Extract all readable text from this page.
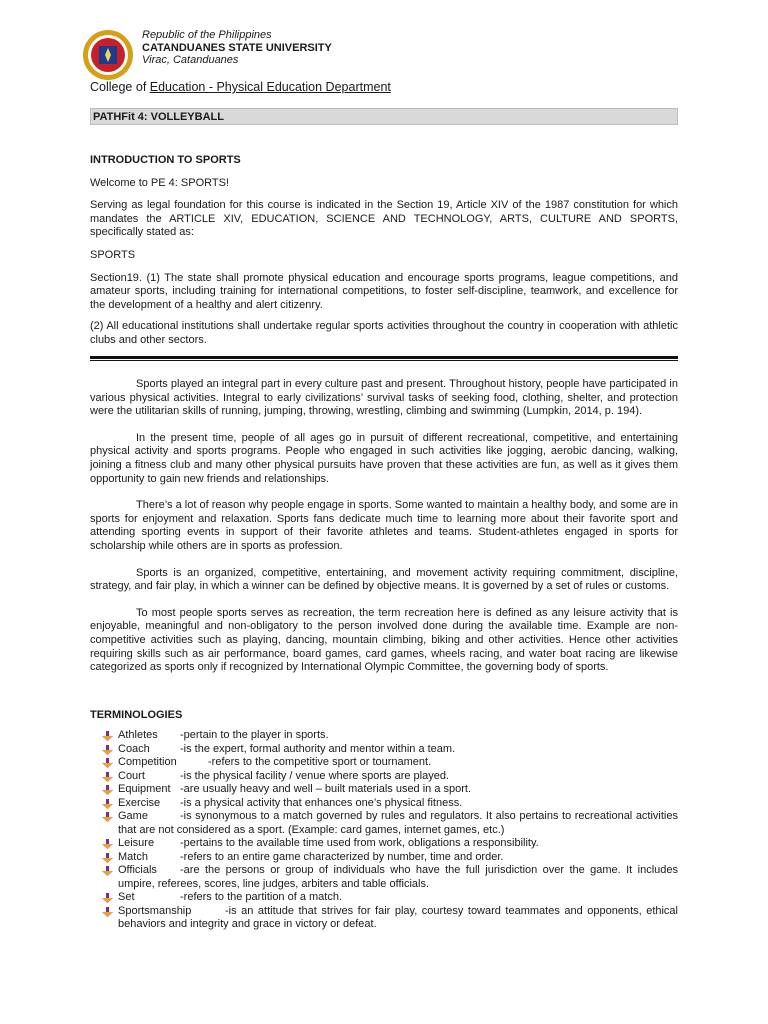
Republic of the Philippines
CATANDUANES STATE UNIVERSITY
Virac, Catanduanes
College of Education - Physical Education Department
PATHFit 4: VOLLEYBALL

INTRODUCTION TO SPORTS

Welcome to PE 4: SPORTS!

Serving as legal foundation for this course is indicated in the Section 19, Article XIV of the 1987 constitution for which mandates the ARTICLE XIV, EDUCATION, SCIENCE AND TECHNOLOGY, ARTS, CULTURE AND SPORTS, specifically stated as:

SPORTS

Section19. (1) The state shall promote physical education and encourage sports programs, league competitions, and amateur sports, including training for international competitions, to foster self-discipline, teamwork, and excellence for the development of a healthy and alert citizenry.

(2) All educational institutions shall undertake regular sports activities throughout the country in cooperation with athletic clubs and other sectors.

Sports played an integral part in every culture past and present. Throughout history, people have participated in various physical activities. Integral to early civilizations’ survival tasks of seeking food, clothing, shelter, and protection were the utilitarian skills of running, jumping, throwing, wrestling, climbing and swimming (Lumpkin, 2014, p. 194).

In the present time, people of all ages go in pursuit of different recreational, competitive, and entertaining physical activity and sports programs. People who engaged in such activities like jogging, aerobic dancing, walking, joining a fitness club and many other physical pursuits have proven that these activities are fun, as well as it gives them opportunity to gain new friends and relationships.

There’s a lot of reason why people engage in sports. Some wanted to maintain a healthy body, and some are in sports for enjoyment and relaxation. Sports fans dedicate much time to learning more about their favorite sport and attending sporting events in support of their favorite athletes and teams. Student-athletes engaged in sports for scholarship while others are in sports as profession.

Sports is an organized, competitive, entertaining, and movement activity requiring commitment, discipline, strategy, and fair play, in which a winner can be defined by objective means. It is governed by a set of rules or customs.

To most people sports serves as recreation, the term recreation here is defined as any leisure activity that is enjoyable, meaningful and non-obligatory to the person involved done during the available time. Example are non-competitive activities such as playing, dancing, mountain climbing, biking and other activities. Hence other activities requiring skills such as air performance, board games, card games, wheels racing, and water boat racing are likewise categorized as sports only if recognized by International Olympic Committee, the governing body of sports.

TERMINOLOGIES

Athletes -pertain to the player in sports.
Coach	-is the expert, formal authority and mentor within a team.
Competition	-refers to the competitive sport or tournament.
Court	-is the physical facility / venue where sports are played.
Equipment -are usually heavy and well – built materials used in a sport.
Exercise -is a physical activity that enhances one’s physical fitness.
Game	-is synonymous to a match governed by rules and regulators. It also pertains to recreational activities that are not considered as a sport. (Example: card games, internet games, etc.)
Leisure -pertains to the available time used from work, obligations a responsibility.
Match	-refers to an entire game characterized by number, time and order.
Officials -are the persons or group of individuals who have the full jurisdiction over the game. It includes umpire, referees, scores, line judges, arbiters and table officials.
Set	-refers to the partition of a match.
Sportsmanship	-is an attitude that strives for fair play, courtesy toward teammates and opponents, ethical behaviors and integrity and grace in victory or defeat.
